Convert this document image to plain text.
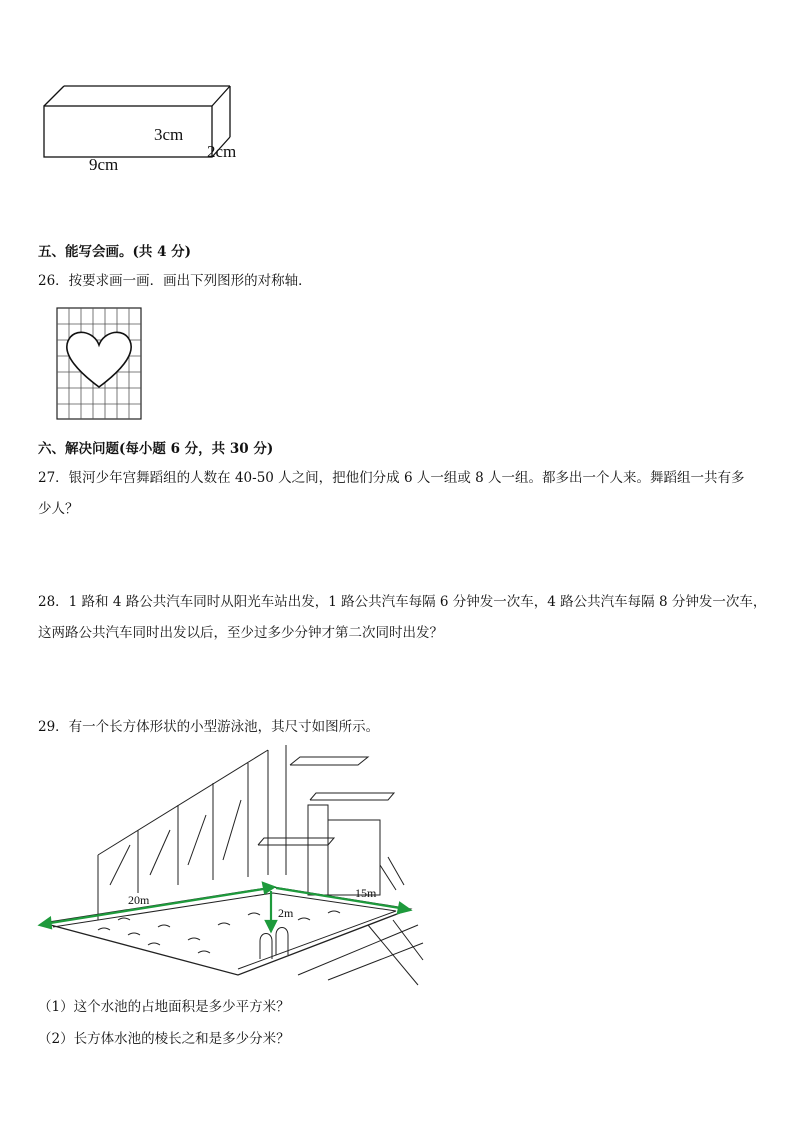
3cm
2cm
9cm
五、能写会画。(共 4 分)
26．按要求画一画．画出下列图形的对称轴．
六、解决问题(每小题 6 分，共 30 分)
27．银河少年宫舞蹈组的人数在 40-50 人之间，把他们分成 6 人一组或 8 人一组。都多出一个人来。舞蹈组一共有多
少人？
28．1 路和 4 路公共汽车同时从阳光车站出发，1 路公共汽车每隔 6 分钟发一次车，4 路公共汽车每隔 8 分钟发一次车，
这两路公共汽车同时出发以后，至少过多少分钟才第二次同时出发？
29．有一个长方体形状的小型游泳池，其尺寸如图所示。
20m	15m
2m
（1）这个水池的占地面积是多少平方米？
（2）长方体水池的棱长之和是多少分米？
